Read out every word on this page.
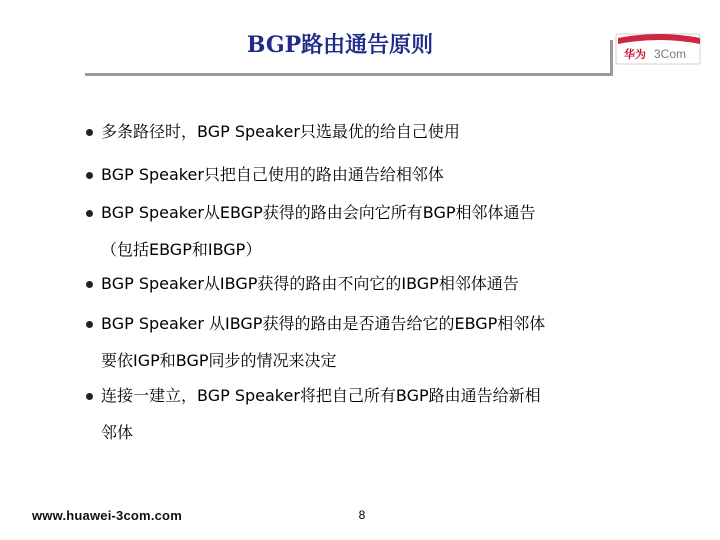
BGP路由通告原则	华为 3Com
多条路径时，BGP Speaker只选最优的给自己使用
BGP Speaker只把自己使用的路由通告给相邻体
BGP Speaker从EBGP获得的路由会向它所有BGP相邻体通告
（包括EBGP和IBGP）
BGP Speaker从IBGP获得的路由不向它的IBGP相邻体通告
BGP Speaker 从IBGP获得的路由是否通告给它的EBGP相邻体
要依IGP和BGP同步的情况来决定
连接一建立，BGP Speaker将把自己所有BGP路由通告给新相
邻体
www.huawei-3com.com	8
